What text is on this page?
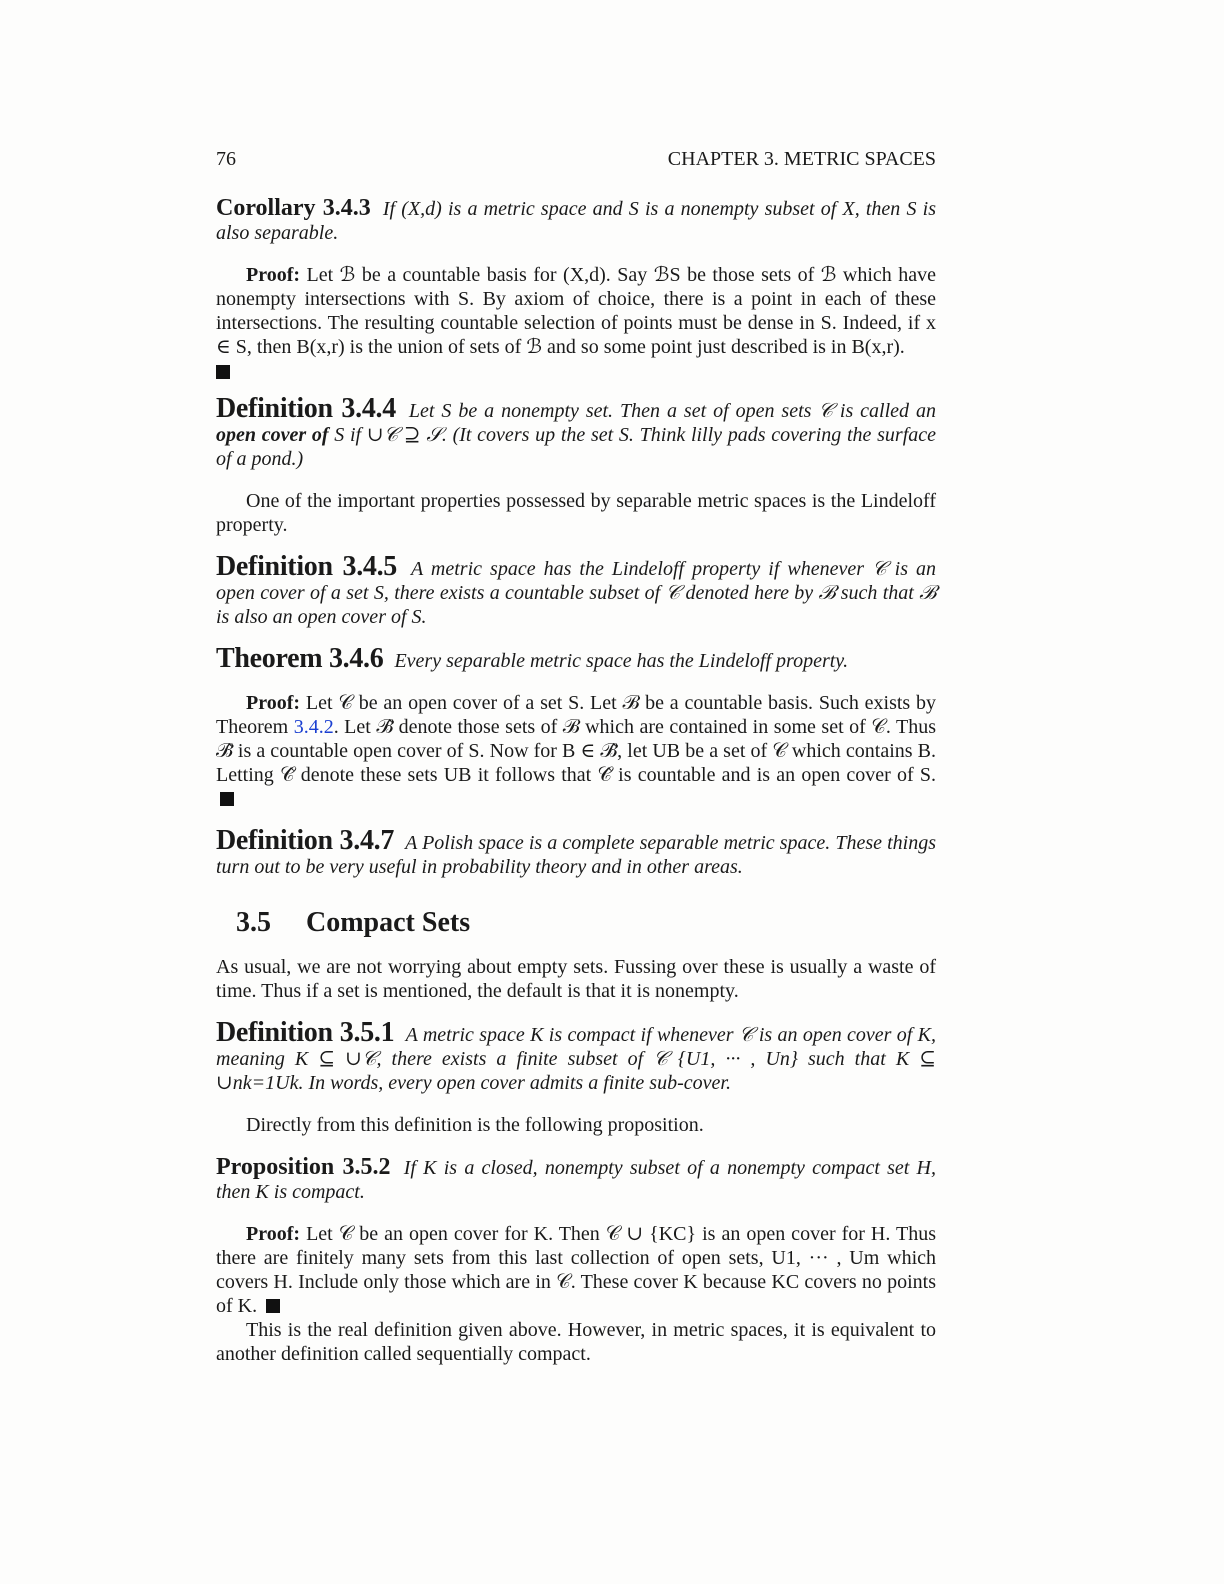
76	CHAPTER 3. METRIC SPACES
Corollary 3.4.3 If (X,d) is a metric space and S is a nonempty subset of X, then S is also separable.
Proof: Let ℬ be a countable basis for (X,d). Say ℬS be those sets of ℬ which have nonempty intersections with S. By axiom of choice, there is a point in each of these intersections. The resulting countable selection of points must be dense in S. Indeed, if x ∈ S, then B(x,r) is the union of sets of ℬ and so some point just described is in B(x,r).
Definition 3.4.4 Let S be a nonempty set. Then a set of open sets 𝒞 is called an open cover of S if ∪𝒞 ⊇ 𝒮. (It covers up the set S. Think lilly pads covering the surface of a pond.)
One of the important properties possessed by separable metric spaces is the Lindeloff property.
Definition 3.4.5 A metric space has the Lindeloff property if whenever 𝒞 is an open cover of a set S, there exists a countable subset of 𝒞 denoted here by ℬ such that ℬ is also an open cover of S.
Theorem 3.4.6 Every separable metric space has the Lindeloff property.
Proof: Let 𝒞 be an open cover of a set S. Let ℬ be a countable basis. Such exists by Theorem 3.4.2. Let ℬ̂ denote those sets of ℬ which are contained in some set of 𝒞. Thus ℬ̂ is a countable open cover of S. Now for B ∈ ℬ̂, let UB be a set of 𝒞 which contains B. Letting 𝒞̂ denote these sets UB it follows that 𝒞̂ is countable and is an open cover of S.
Definition 3.4.7 A Polish space is a complete separable metric space. These things turn out to be very useful in probability theory and in other areas.
3.5 Compact Sets
As usual, we are not worrying about empty sets. Fussing over these is usually a waste of time. Thus if a set is mentioned, the default is that it is nonempty.
Definition 3.5.1 A metric space K is compact if whenever 𝒞 is an open cover of K, meaning K ⊆ ∪𝒞, there exists a finite subset of 𝒞 {U1, ··· , Un} such that K ⊆ ∪nk=1Uk. In words, every open cover admits a finite sub-cover.
Directly from this definition is the following proposition.
Proposition 3.5.2 If K is a closed, nonempty subset of a nonempty compact set H, then K is compact.
Proof: Let 𝒞 be an open cover for K. Then 𝒞 ∪ {KC} is an open cover for H. Thus there are finitely many sets from this last collection of open sets, U1, ··· , Um which covers H. Include only those which are in 𝒞. These cover K because KC covers no points of K.
This is the real definition given above. However, in metric spaces, it is equivalent to another definition called sequentially compact.
